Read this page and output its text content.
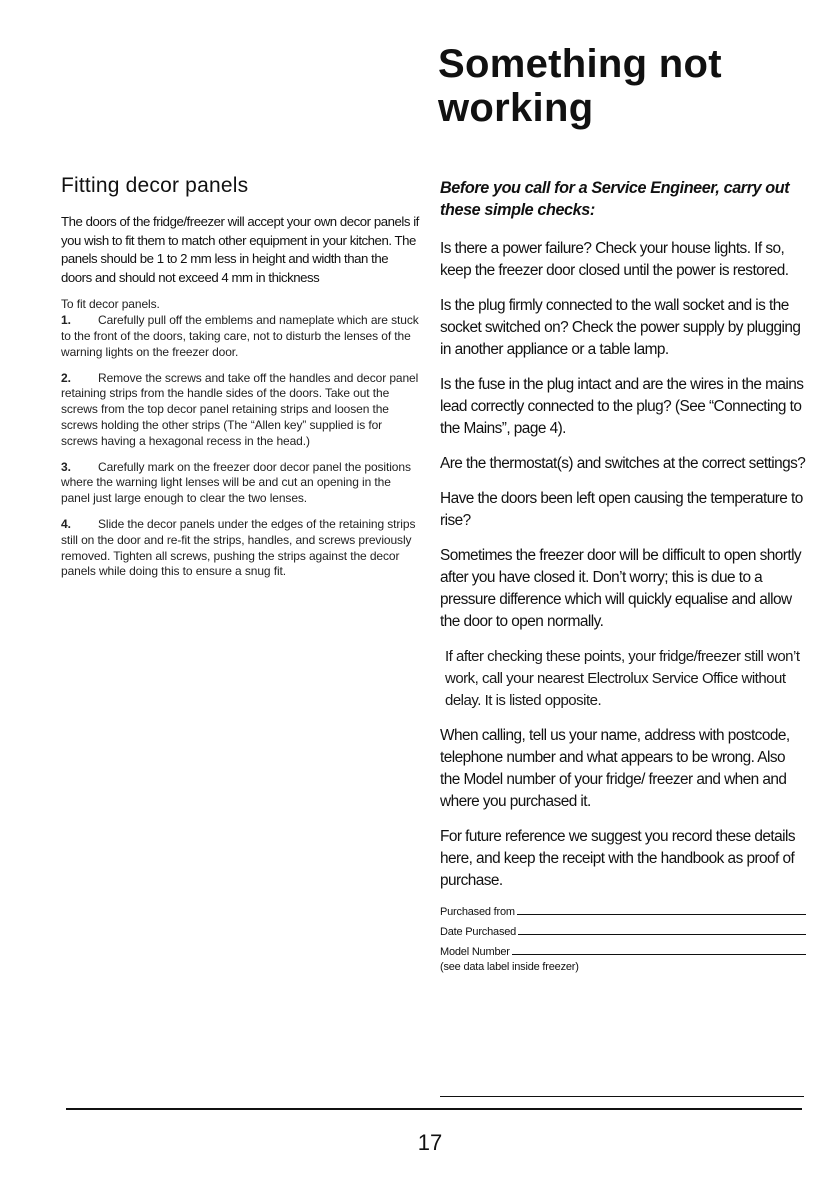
Something not
working
Fitting decor panels

The doors of the fridge/freezer will accept your own decor panels if you wish to fit them to match other equipment in your kitchen. The panels should be 1 to 2 mm less in height and width than the doors and should not exceed 4 mm in thickness

To fit decor panels.

1. Carefully pull off the emblems and nameplate which are stuck to the front of the doors, taking care, not to disturb the lenses of the warning lights on the freezer door.

2. Remove the screws and take off the handles and decor panel retaining strips from the handle sides of the doors. Take out the screws from the top decor panel retaining strips and loosen the screws holding the other strips (The “Allen key” supplied is for screws having a hexagonal recess in the head.)

3. Carefully mark on the freezer door decor panel the positions where the warning light lenses will be and cut an opening in the panel just large enough to clear the two lenses.

4. Slide the decor panels under the edges of the retaining strips still on the door and re-fit the strips, handles, and screws previously removed. Tighten all screws, pushing the strips against the decor panels while doing this to ensure a snug fit.

Before you call for a Service Engineer, carry out these simple checks:

Is there a power failure? Check your house lights. If so, keep the freezer door closed until the power is restored.

Is the plug firmly connected to the wall socket and is the socket switched on? Check the power supply by plugging in another appliance or a table lamp.

Is the fuse in the plug intact and are the wires in the mains lead correctly connected to the plug? (See “Connecting to the Mains”, page 4).

Are the thermostat(s) and switches at the correct settings?

Have the doors been left open causing the temperature to rise?

Sometimes the freezer door will be difficult to open shortly after you have closed it. Don’t worry; this is due to a pressure difference which will quickly equalise and allow the door to open normally.

If after checking these points, your fridge/freezer still won’t work, call your nearest Electrolux Service Office without delay. It is listed opposite.

When calling, tell us your name, address with postcode, telephone number and what appears to be wrong. Also the Model number of your fridge/ freezer and when and where you purchased it.

For future reference we suggest you record these details here, and keep the receipt with the handbook as proof of purchase.

Purchased from
Date Purchased
Model Number
(see data label inside freezer)
17
